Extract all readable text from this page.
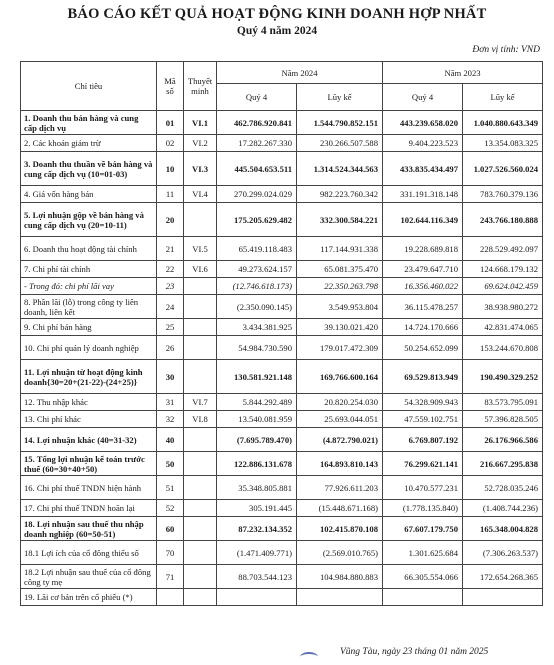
BÁO CÁO KẾT QUẢ HOẠT ĐỘNG KINH DOANH HỢP NHẤT
Quý 4 năm 2024
Đơn vị tính: VND
Chỉ tiêu	Mã số	Thuyết minh	Năm 2024		Năm 2023	
			Quý 4	Lũy kế	Quý 4	Lũy kế
1. Doanh thu bán hàng và cung cấp dịch vụ	01	VI.1	462.786.920.841	1.544.790.852.151	443.239.658.020	1.040.880.643.349
2. Các khoản giảm trừ	02	VI.2	17.282.267.330	230.266.507.588	9.404.223.523	13.354.083.325
3. Doanh thu thuần về bán hàng và cung cấp dịch vụ (10=01-03)	10	VI.3	445.504.653.511	1.314.524.344.563	433.835.434.497	1.027.526.560.024
4. Giá vốn hàng bán	11	VI.4	270.299.024.029	982.223.760.342	331.191.318.148	783.760.379.136
5. Lợi nhuận gộp về bán hàng và cung cấp dịch vụ (20=10-11)	20		175.205.629.482	332.300.584.221	102.644.116.349	243.766.180.888
6. Doanh thu hoạt động tài chính	21	VI.5	65.419.118.483	117.144.931.338	19.228.689.818	228.529.492.097
7. Chi phí tài chính	22	VI.6	49.273.624.157	65.081.375.470	23.479.647.710	124.668.179.132
- Trong đó: chi phí lãi vay	23		(12.746.618.173)	22.350.263.798	16.356.460.022	69.624.042.459
8. Phần lãi (lỗ) trong công ty liên doanh, liên kết	24		(2.350.090.145)	3.549.953.804	36.115.478.257	38.938.980.272
9. Chi phí bán hàng	25		3.434.381.925	39.130.021.420	14.724.170.666	42.831.474.065
10. Chi phí quản lý doanh nghiệp	26		54.984.730.590	179.017.472.309	50.254.652.099	153.244.670.808
11. Lợi nhuận từ hoạt động kinh doanh{30=20+(21-22)-(24+25)}	30		130.581.921.148	169.766.600.164	69.529.813.949	190.490.329.252
12. Thu nhập khác	31	VI.7	5.844.292.489	20.820.254.030	54.328.909.943	83.573.795.091
13. Chi phí khác	32	VI.8	13.540.081.959	25.693.044.051	47.559.102.751	57.396.828.505
14. Lợi nhuận khác (40=31-32)	40		(7.695.789.470)	(4.872.790.021)	6.769.807.192	26.176.966.586
15. Tổng lợi nhuận kế toán trước thuế (60=30+40+50)	50		122.886.131.678	164.893.810.143	76.299.621.141	216.667.295.838
16. Chi phí thuế TNDN hiện hành	51		35.348.805.881	77.926.611.203	10.470.577.231	52.728.035.246
17. Chi phí thuế TNDN hoãn lại	52		305.191.445	(15.448.671.168)	(1.778.135.840)	(1.408.744.236)
18. Lợi nhuận sau thuế thu nhập doanh nghiệp (60=50-51)	60		87.232.134.352	102.415.870.108	67.607.179.750	165.348.004.828
18.1 Lợi ích của cổ đông thiểu số	70		(1.471.409.771)	(2.569.010.765)	1.301.625.684	(7.306.263.537)
18.2 Lợi nhuận sau thuế của cổ đông công ty mẹ	71		88.703.544.123	104.984.880.883	66.305.554.066	172.654.268.365
19. Lãi cơ bản trên cổ phiếu (*)						
Vũng Tàu, ngày 23 tháng 01 năm 2025
